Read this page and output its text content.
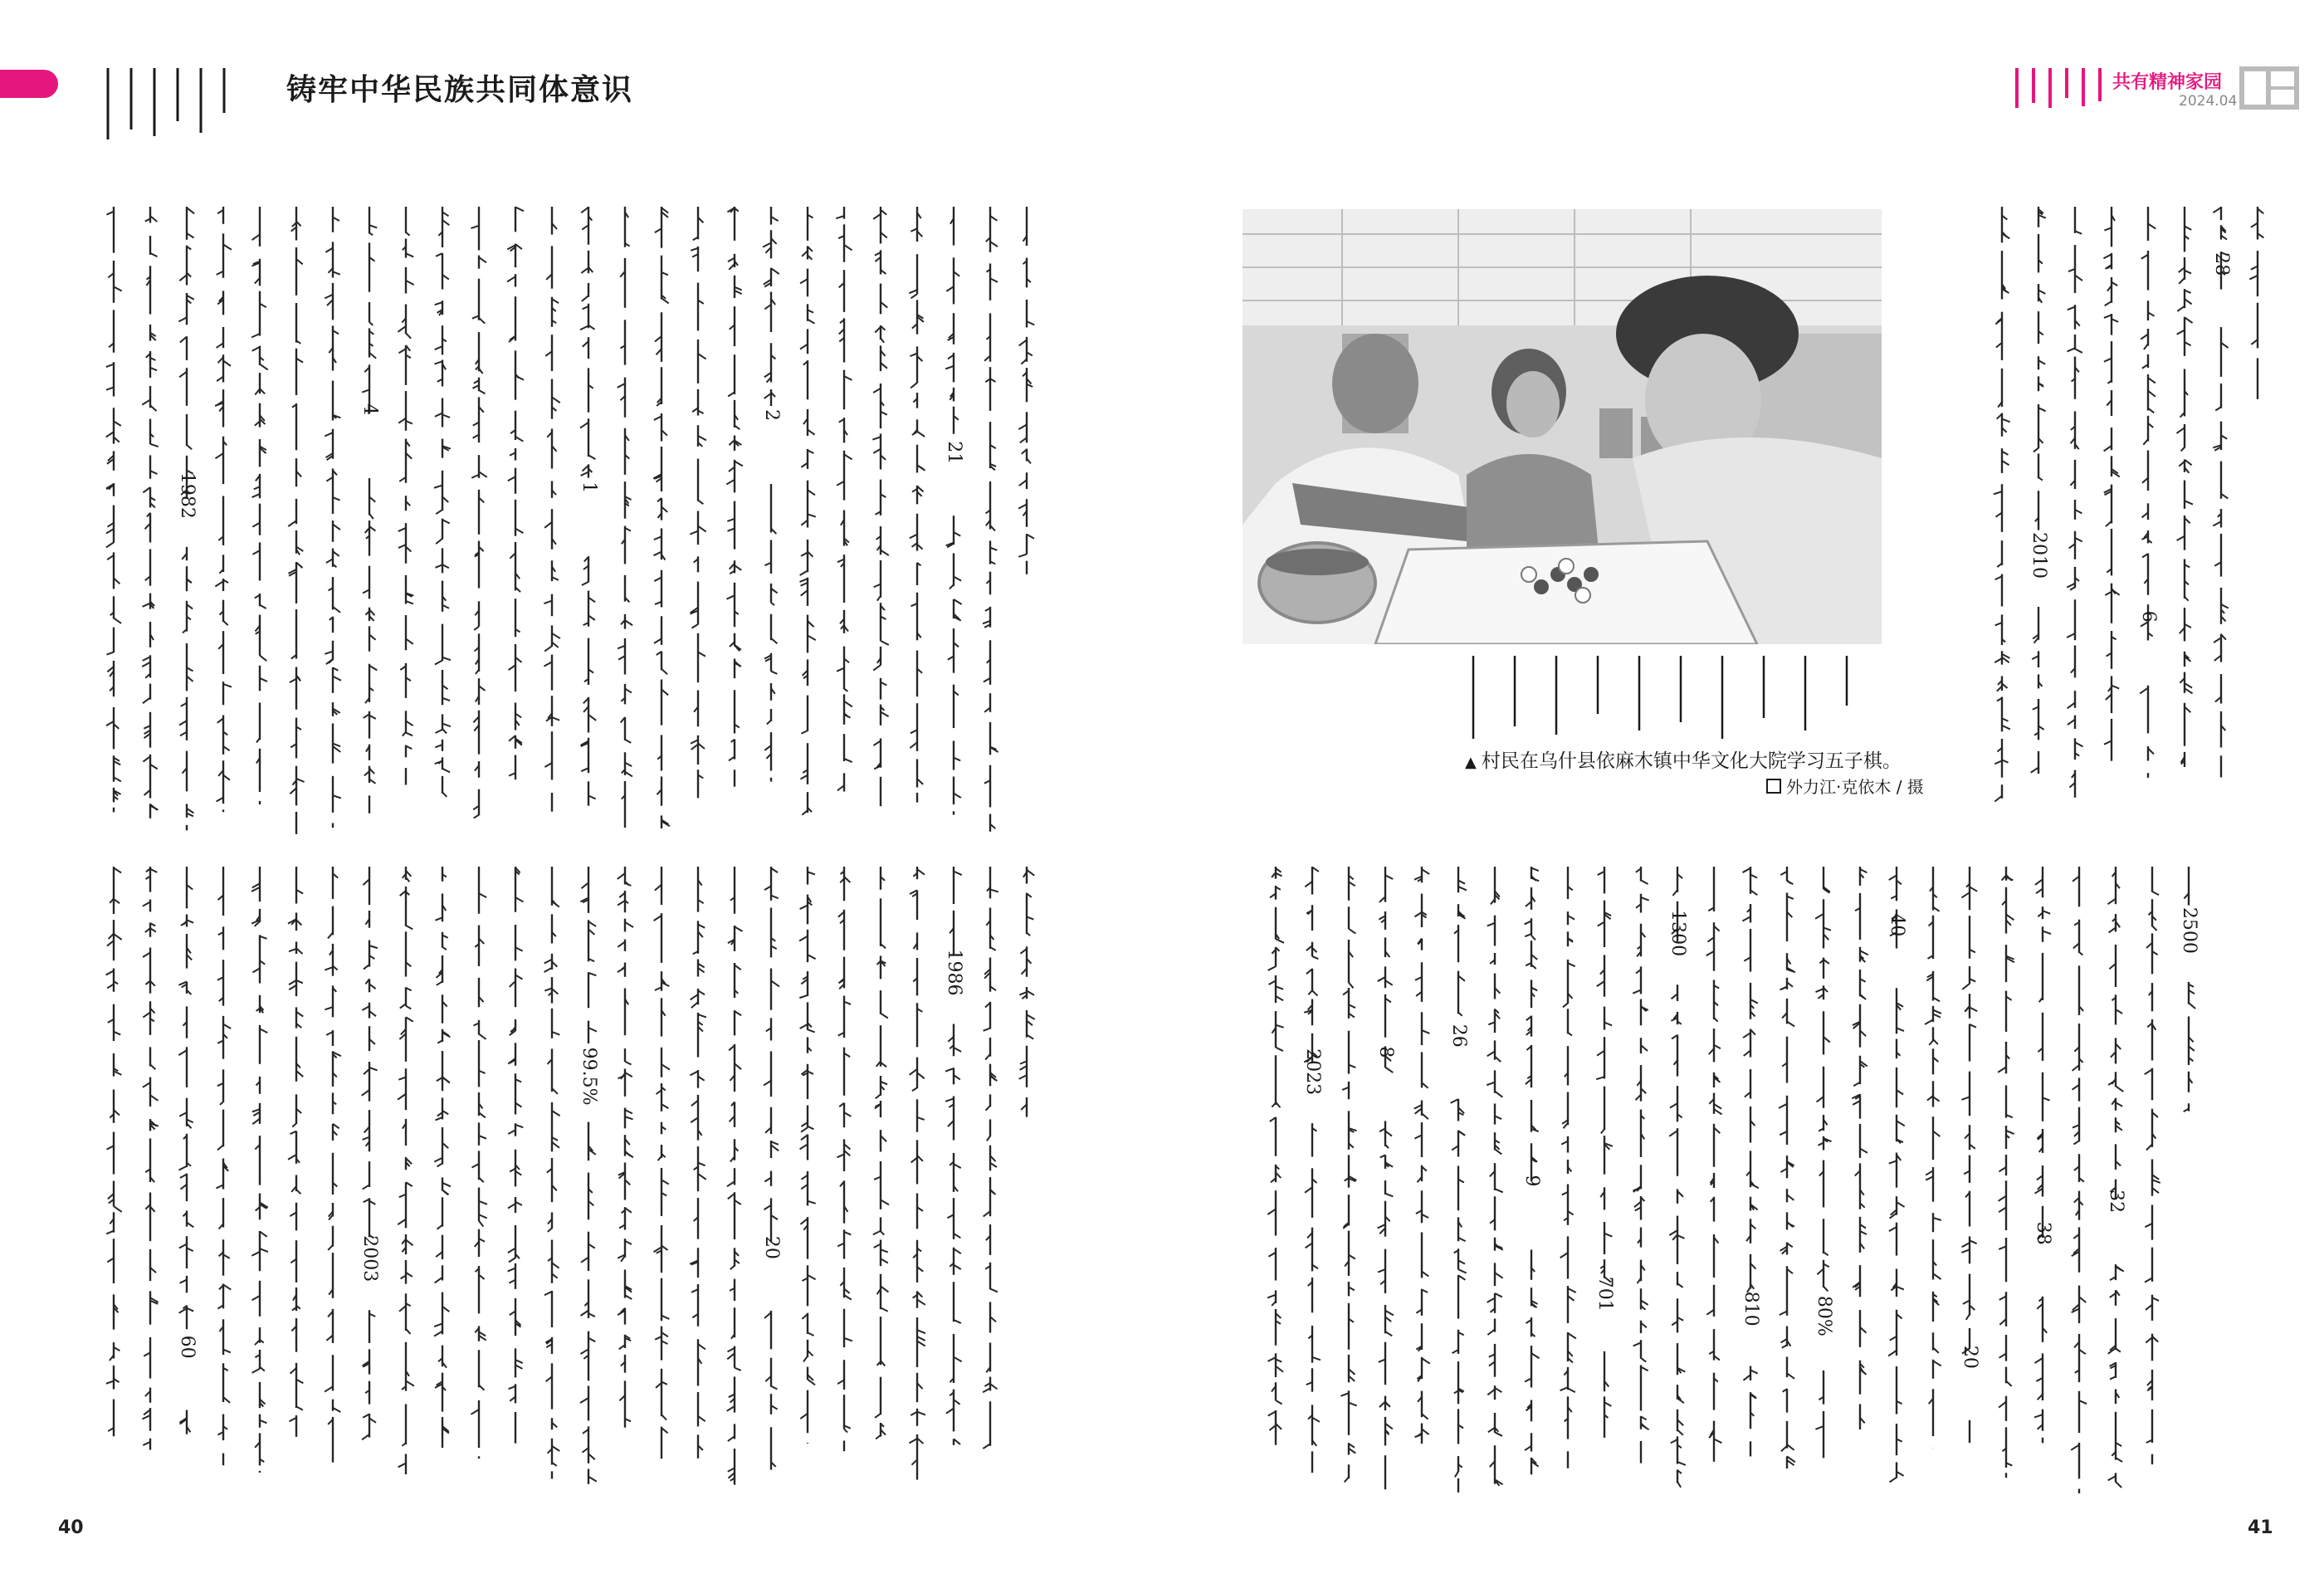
铸牢中华民族共同体意识
1982
4
1
2
21
60
2003
99.5%
20
1986
40
共有精神家园
2024.04
2010
6
28
2023	8
26
9
701
1300
810	80%
40
20
38
32
2500
▲ 村民在乌什县依麻木镇中华文化大院学习五子棋。
外力江·克依木 / 摄
41
